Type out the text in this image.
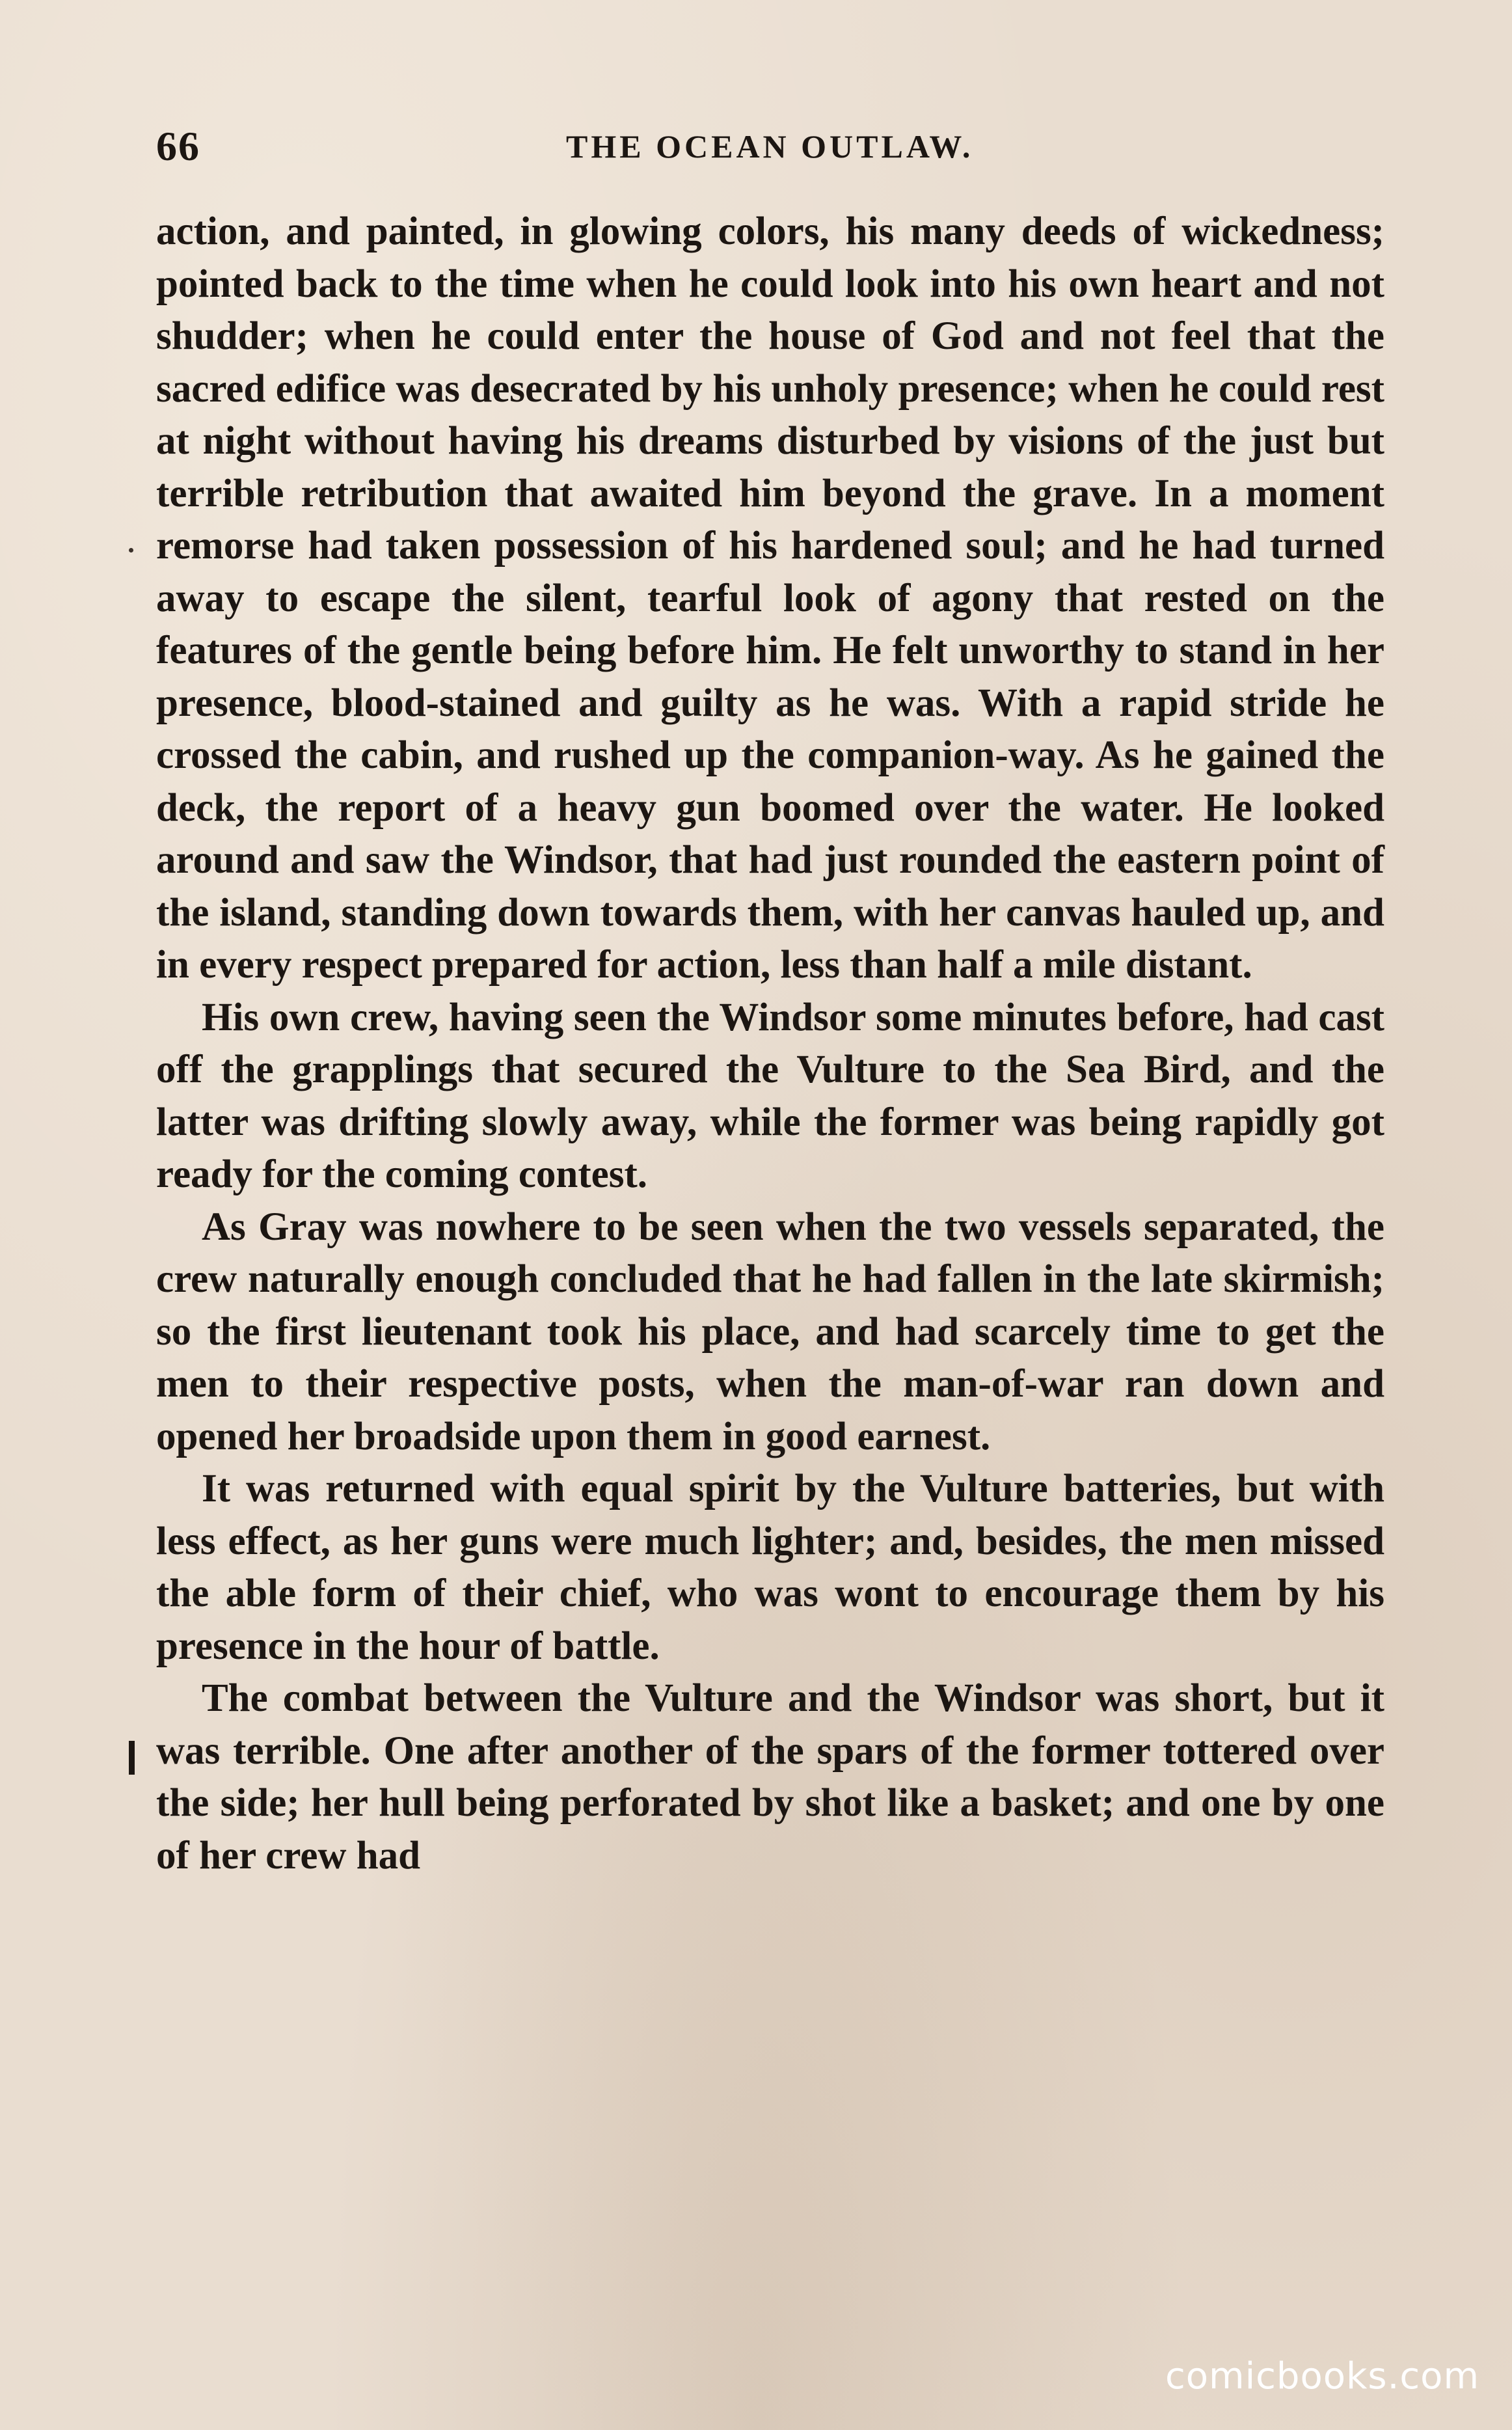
66	THE OCEAN OUTLAW.

action, and painted, in glowing colors, his many deeds of wickedness; pointed back to the time when he could look into his own heart and not shudder; when he could enter the house of God and not feel that the sacred edifice was desecrated by his unholy presence; when he could rest at night without having his dreams disturbed by visions of the just but terrible retribution that awaited him beyond the grave. In a moment remorse had taken possession of his hardened soul; and he had turned away to escape the silent, tearful look of agony that rested on the features of the gentle being before him. He felt unworthy to stand in her presence, blood-stained and guilty as he was. With a rapid stride he crossed the cabin, and rushed up the companion-way. As he gained the deck, the report of a heavy gun boomed over the water. He looked around and saw the Windsor, that had just rounded the eastern point of the island, standing down towards them, with her canvas hauled up, and in every respect prepared for action, less than half a mile distant.

His own crew, having seen the Windsor some minutes before, had cast off the grapplings that secured the Vulture to the Sea Bird, and the latter was drifting slowly away, while the former was being rapidly got ready for the coming contest.

As Gray was nowhere to be seen when the two vessels separated, the crew naturally enough concluded that he had fallen in the late skirmish; so the first lieutenant took his place, and had scarcely time to get the men to their respective posts, when the man-of-war ran down and opened her broadside upon them in good earnest.

It was returned with equal spirit by the Vulture batteries, but with less effect, as her guns were much lighter; and, besides, the men missed the able form of their chief, who was wont to encourage them by his presence in the hour of battle.

The combat between the Vulture and the Windsor was short, but it was terrible. One after another of the spars of the former tottered over the side; her hull being perforated by shot like a basket; and one by one of her crew had

comicbooks.com
